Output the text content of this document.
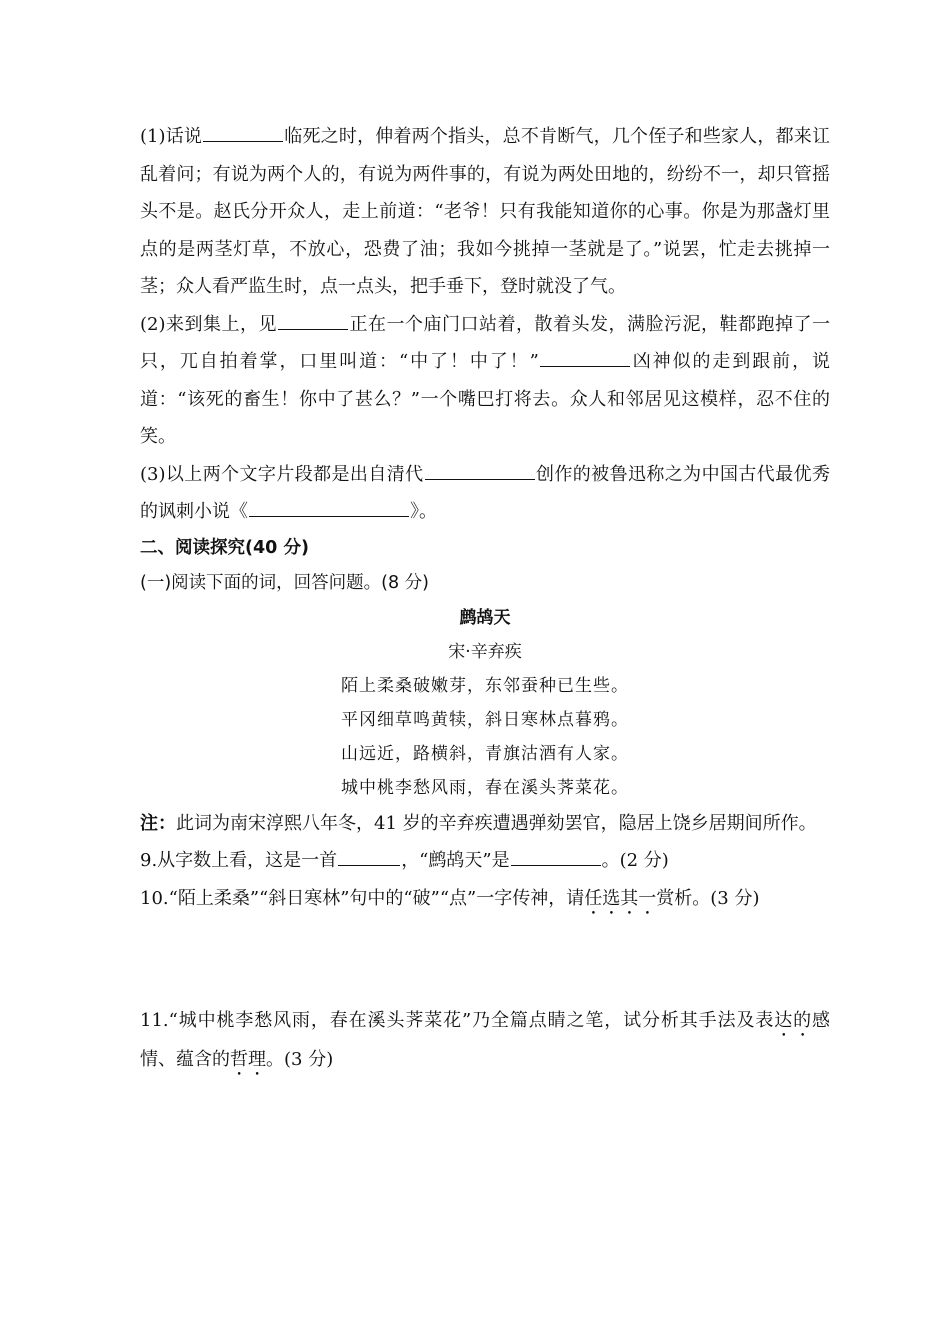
(1)话说	临死之时，伸着两个指头，总不肯断气，几个侄子和些家人，都来讧乱着问；有说为两个人的，有说为两件事的，有说为两处田地的，纷纷不一，却只管摇头不是。赵氏分开众人，走上前道：“老爷！只有我能知道你的心事。你是为那盏灯里点的是两茎灯草，不放心，恐费了油；我如今挑掉一茎就是了。”说罢，忙走去挑掉一茎；众人看严监生时，点一点头，把手垂下，登时就没了气。

(2)来到集上，见	正在一个庙门口站着，散着头发，满脸污泥，鞋都跑掉了一只，兀自拍着掌，口里叫道：“中了！中了！”	凶神似的走到跟前，说道：“该死的畜生！你中了甚么？”一个嘴巴打将去。众人和邻居见这模样，忍不住的笑。

(3)以上两个文字片段都是出自清代	创作的被鲁迅称之为中国古代最优秀的讽刺小说《	》。

二、阅读探究(40 分)

(一)阅读下面的词，回答问题。(8 分)

鹧鸪天

宋·辛弃疾

陌上柔桑破嫩芽，东邻蚕种已生些。

平冈细草鸣黄犊，斜日寒林点暮鸦。

山远近，路横斜，青旗沽酒有人家。

城中桃李愁风雨，春在溪头荠菜花。

注：此词为南宋淳熙八年冬，41 岁的辛弃疾遭遇弹劾罢官，隐居上饶乡居期间所作。

9.从字数上看，这是一首	，“鹧鸪天”是	。(2 分)

10.“陌上柔桑”“斜日寒林”句中的“破”“点”一字传神，请任选其一赏析。(3 分)

11.“城中桃李愁风雨，春在溪头荠菜花”乃全篇点睛之笔，试分析其手法及表达的感情、蕴含的哲理。(3 分)
